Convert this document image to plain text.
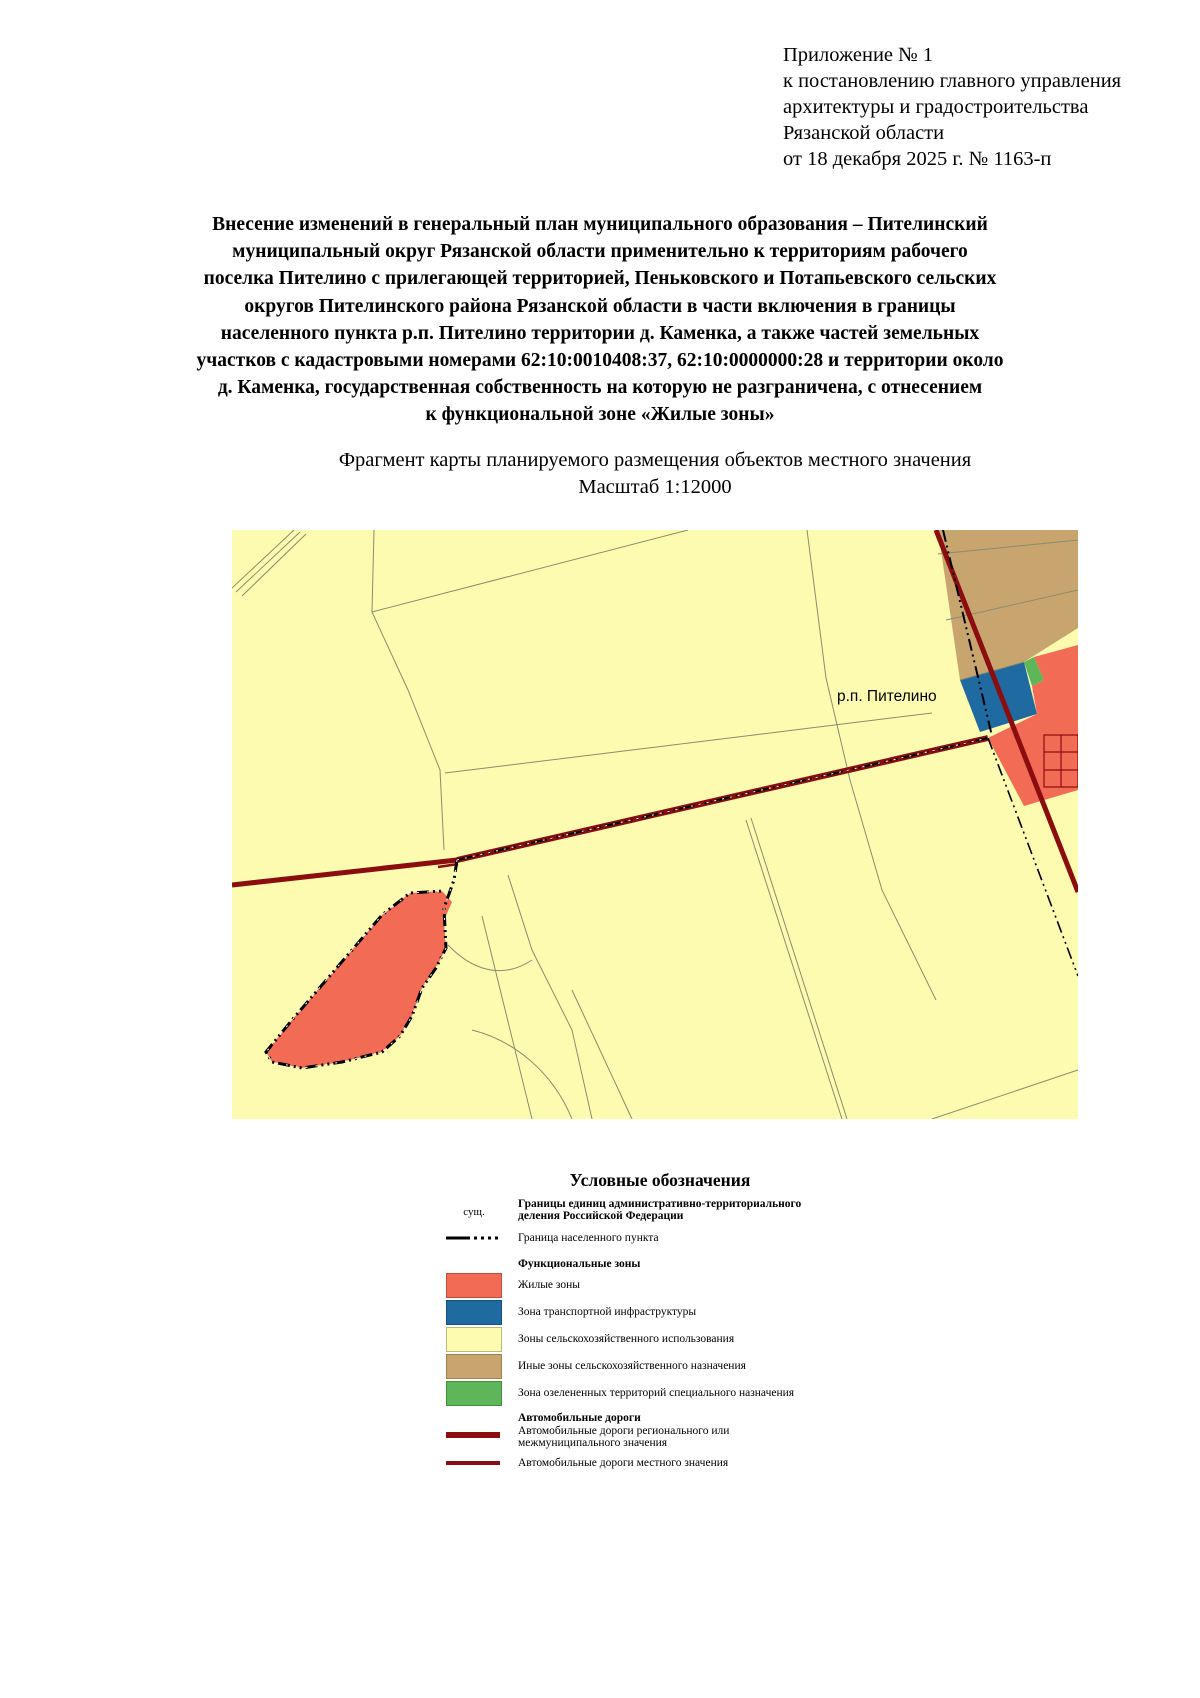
Приложение № 1
к постановлению главного управления
архитектуры и градостроительства
Рязанской области
от 18 декабря 2025 г. № 1163-п
Внесение изменений в генеральный план муниципального образования – Пителинский
муниципальный округ Рязанской области применительно к территориям рабочего
поселка Пителино с прилегающей территорией, Пеньковского и Потапьевского сельских
округов Пителинского района Рязанской области в части включения в границы
населенного пункта р.п. Пителино территории д. Каменка, а также частей земельных
участков с кадастровыми номерами 62:10:0010408:37, 62:10:0000000:28 и территории около
д. Каменка, государственная собственность на которую не разграничена, с отнесением
к функциональной зоне «Жилые зоны»
Фрагмент карты планируемого размещения объектов местного значения
Масштаб 1:12000
р.п. Пителино
Условные обозначения
сущ.
Границы единиц административно-территориального
деления Российской Федерации
Граница населенного пункта
Функциональные зоны
Жилые зоны
Зона транспортной инфраструктуры
Зоны сельскохозяйственного использования
Иные зоны сельскохозяйственного назначения
Зона озелененных территорий специального назначения
Автомобильные дороги
Автомобильные дороги регионального или
межмуниципального значения
Автомобильные дороги местного значения
